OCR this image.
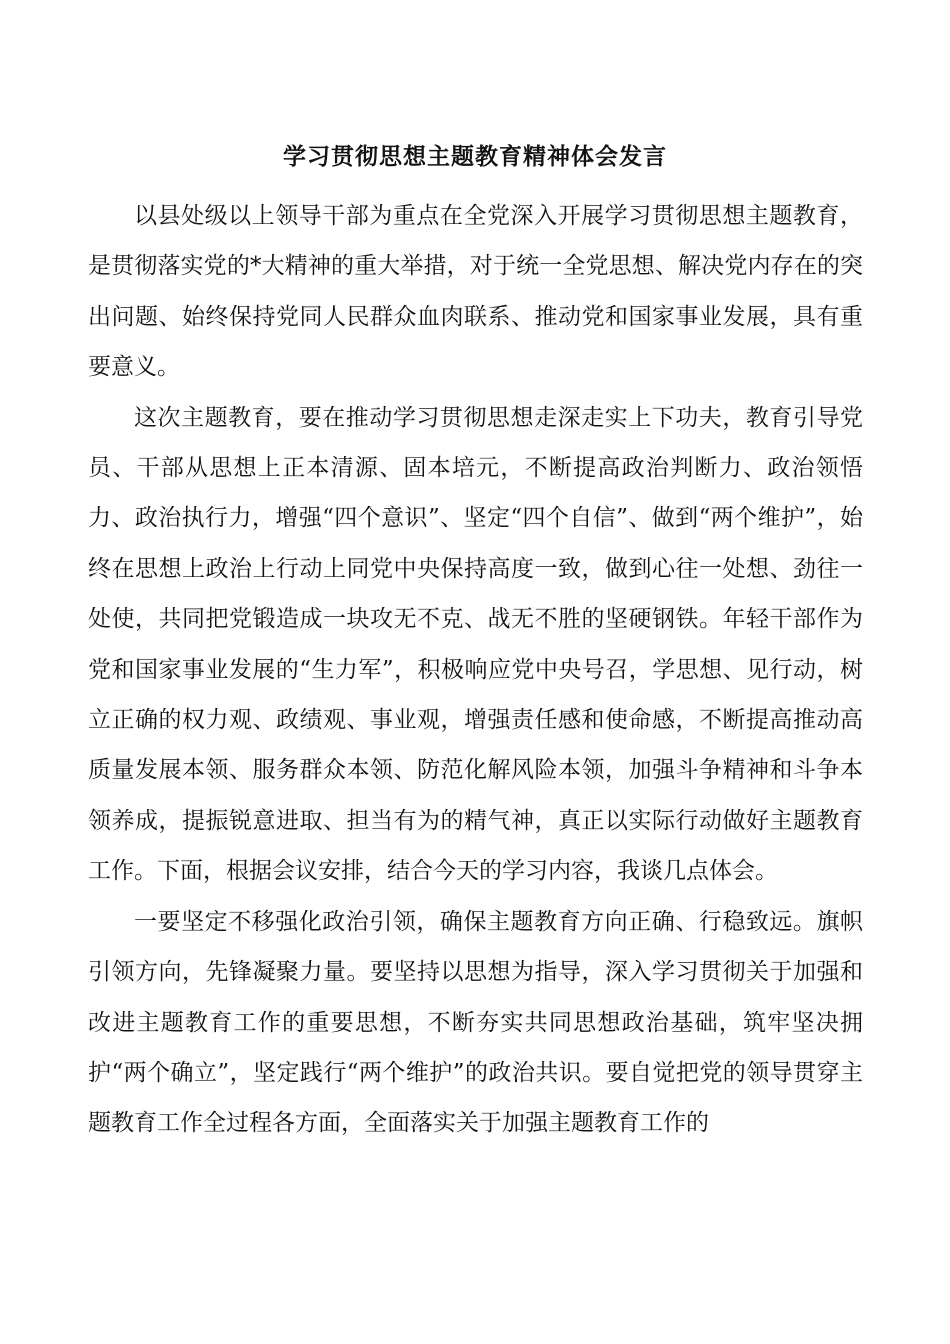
学习贯彻思想主题教育精神体会发言

以县处级以上领导干部为重点在全党深入开展学习贯彻思想主题教育，是贯彻落实党的*大精神的重大举措，对于统一全党思想、解决党内存在的突出问题、始终保持党同人民群众血肉联系、推动党和国家事业发展，具有重要意义。

这次主题教育，要在推动学习贯彻思想走深走实上下功夫，教育引导党员、干部从思想上正本清源、固本培元，不断提高政治判断力、政治领悟力、政治执行力，增强“四个意识”、坚定“四个自信”、做到“两个维护”，始终在思想上政治上行动上同党中央保持高度一致，做到心往一处想、劲往一处使，共同把党锻造成一块攻无不克、战无不胜的坚硬钢铁。年轻干部作为党和国家事业发展的“生力军”，积极响应党中央号召，学思想、见行动，树立正确的权力观、政绩观、事业观，增强责任感和使命感，不断提高推动高质量发展本领、服务群众本领、防范化解风险本领，加强斗争精神和斗争本领养成，提振锐意进取、担当有为的精气神，真正以实际行动做好主题教育工作。下面，根据会议安排，结合今天的学习内容，我谈几点体会。

一要坚定不移强化政治引领，确保主题教育方向正确、行稳致远。旗帜引领方向，先锋凝聚力量。要坚持以思想为指导，深入学习贯彻关于加强和改进主题教育工作的重要思想，不断夯实共同思想政治基础，筑牢坚决拥护“两个确立”，坚定践行“两个维护”的政治共识。要自觉把党的领导贯穿主题教育工作全过程各方面，全面落实关于加强主题教育工作的
